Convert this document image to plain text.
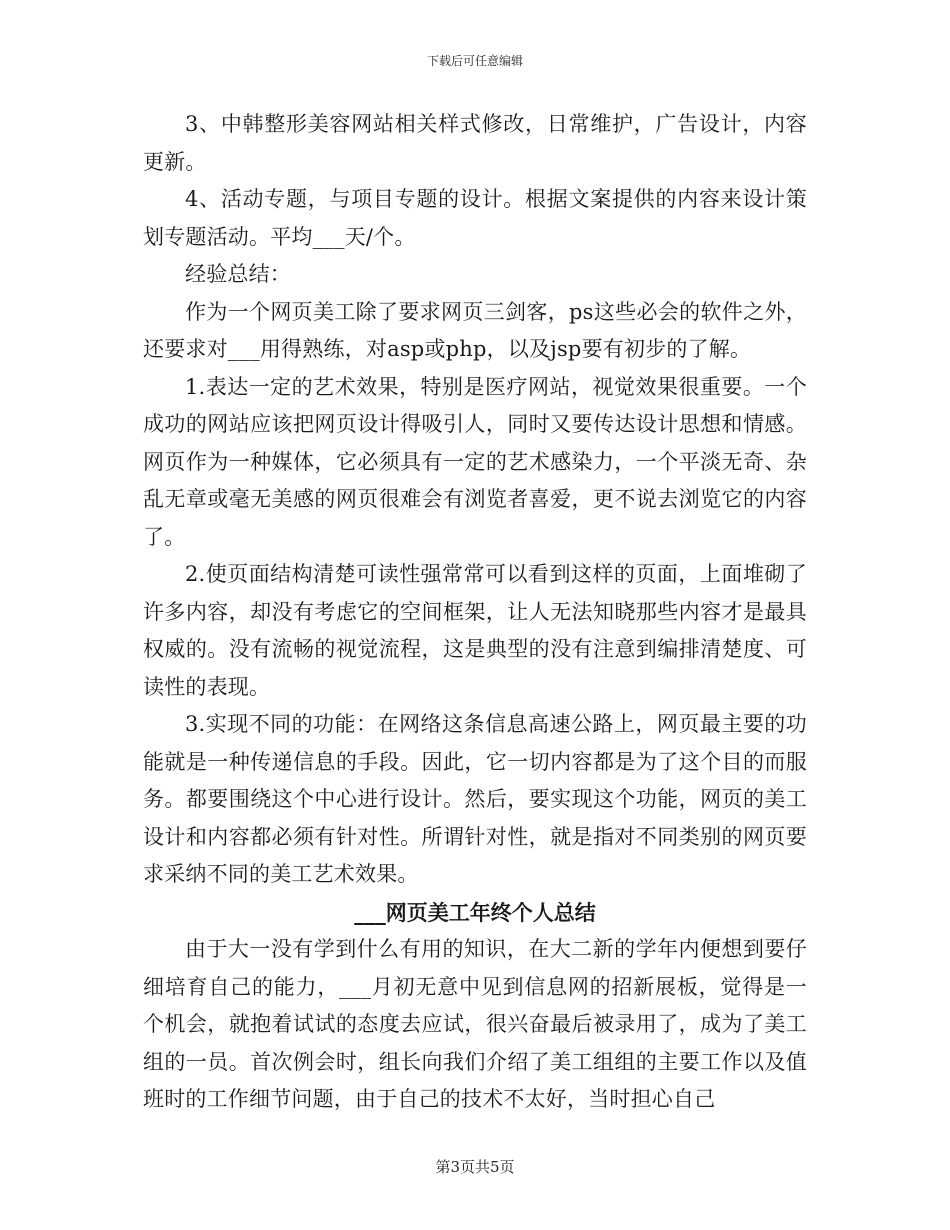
下载后可任意编辑

3、中韩整形美容网站相关样式修改，日常维护，广告设计，内容更新。

4、活动专题，与项目专题的设计。根据文案提供的内容来设计策划专题活动。平均___天/个。

经验总结：

作为一个网页美工除了要求网页三剑客，ps这些必会的软件之外，还要求对___用得熟练，对asp或php，以及jsp要有初步的了解。

1.表达一定的艺术效果，特别是医疗网站，视觉效果很重要。一个成功的网站应该把网页设计得吸引人，同时又要传达设计思想和情感。网页作为一种媒体，它必须具有一定的艺术感染力，一个平淡无奇、杂乱无章或毫无美感的网页很难会有浏览者喜爱，更不说去浏览它的内容了。

2.使页面结构清楚可读性强常常可以看到这样的页面，上面堆砌了许多内容，却没有考虑它的空间框架，让人无法知晓那些内容才是最具权威的。没有流畅的视觉流程，这是典型的没有注意到编排清楚度、可读性的表现。

3.实现不同的功能：在网络这条信息高速公路上，网页最主要的功能就是一种传递信息的手段。因此，它一切内容都是为了这个目的而服务。都要围绕这个中心进行设计。然后，要实现这个功能，网页的美工设计和内容都必须有针对性。所谓针对性，就是指对不同类别的网页要求采纳不同的美工艺术效果。

___网页美工年终个人总结

由于大一没有学到什么有用的知识，在大二新的学年内便想到要仔细培育自己的能力，___月初无意中见到信息网的招新展板，觉得是一个机会，就抱着试试的态度去应试，很兴奋最后被录用了，成为了美工组的一员。首次例会时，组长向我们介绍了美工组组的主要工作以及值班时的工作细节问题，由于自己的技术不太好，当时担心自己

第3页共5页
